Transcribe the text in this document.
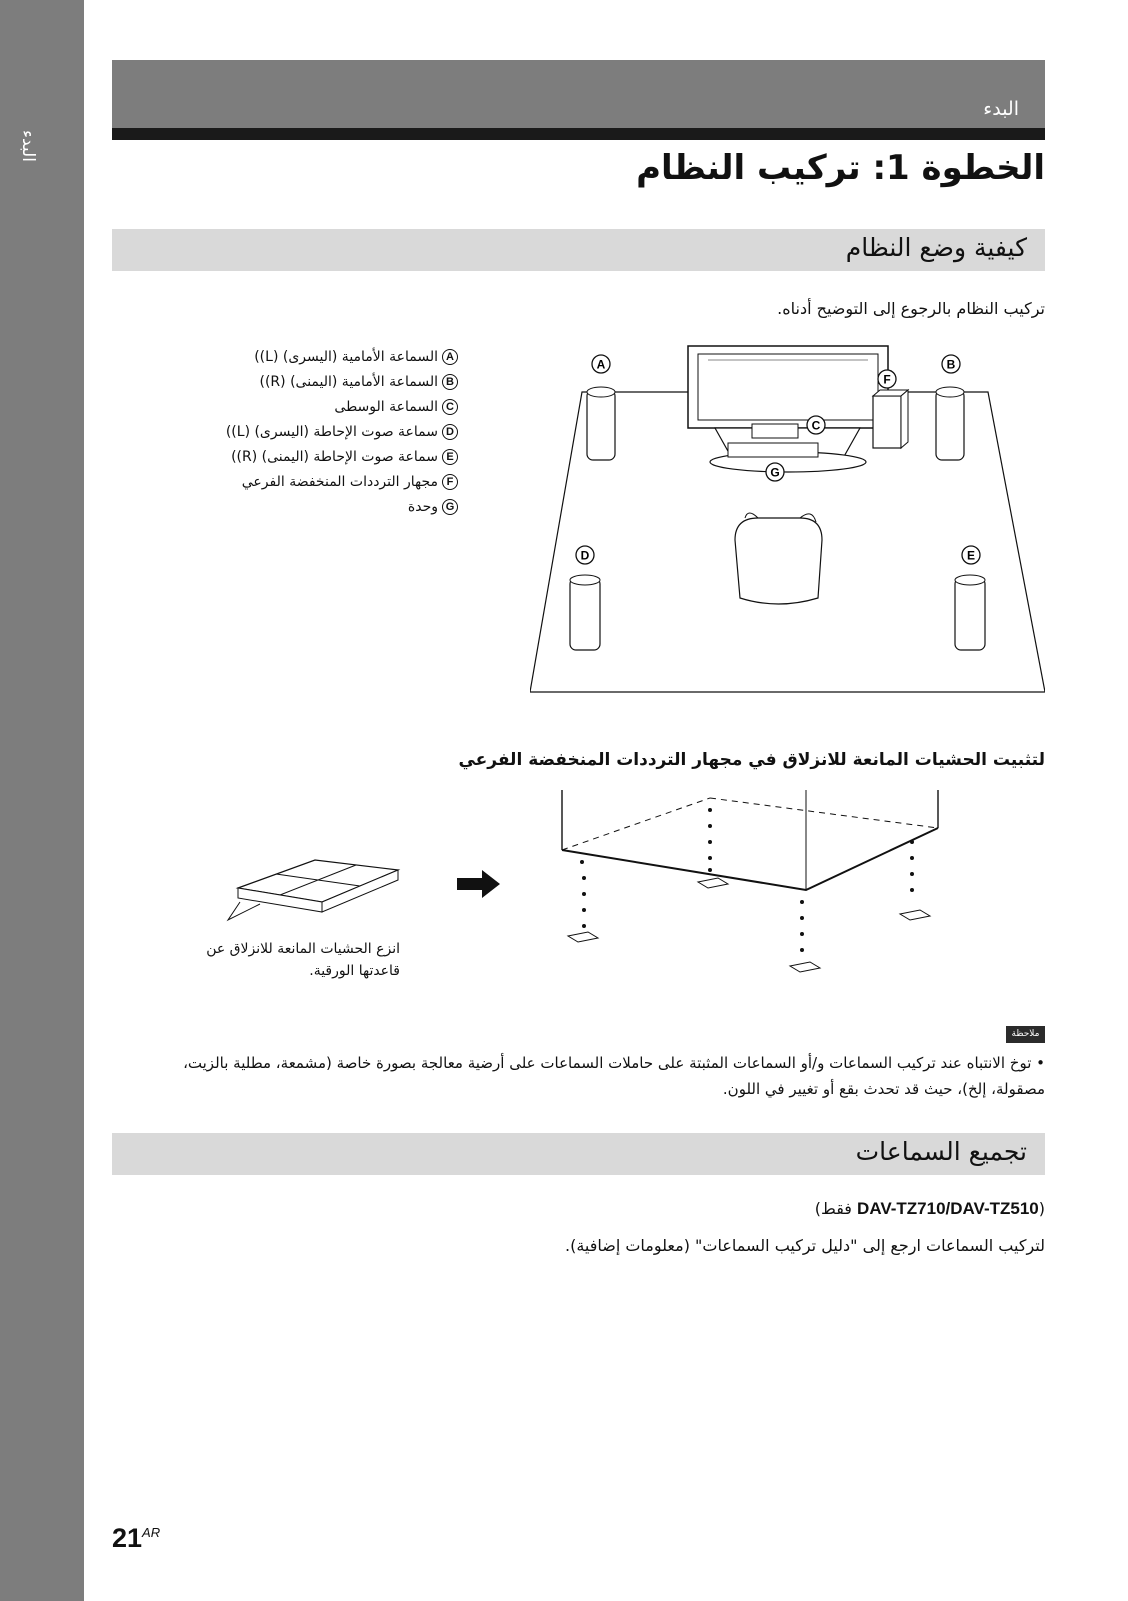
البدء
البدء
الخطوة 1: تركيب النظام
كيفية وضع النظام
تركيب النظام بالرجوع إلى التوضيح أدناه.
A
السماعة الأمامية (اليسرى) (L))
B
السماعة الأمامية (اليمنى) (R))
C
السماعة الوسطى
D
سماعة صوت الإحاطة (اليسرى) (L))
E
سماعة صوت الإحاطة (اليمنى) (R))
F
مجهار الترددات المنخفضة الفرعي
G
وحدة
A	B
C
D	E
F
G
لتثبيت الحشيات المانعة للانزلاق في مجهار الترددات المنخفضة الفرعي
انزع الحشيات المانعة للانزلاق عن قاعدتها الورقية.
ملاحظة
• توخ الانتباه عند تركيب السماعات و/أو السماعات المثبتة على حاملات السماعات على أرضية معالجة بصورة خاصة (مشمعة، مطلية بالزيت، مصقولة، إلخ)، حيث قد تحدث بقع أو تغيير في اللون.
تجميع السماعات
(DAV-TZ710/DAV-TZ510 فقط)
لتركيب السماعات ارجع إلى "دليل تركيب السماعات" (معلومات إضافية).
$21^{AR}$
